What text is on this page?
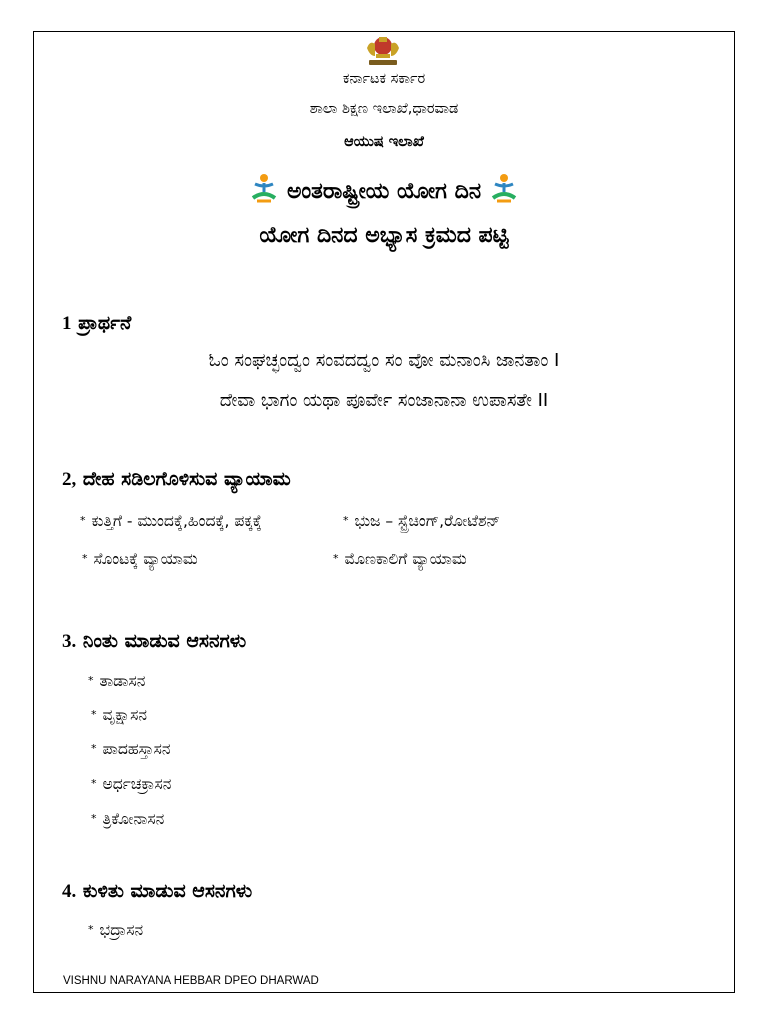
ಕರ್ನಾಟಕ ಸರ್ಕಾರ
ಶಾಲಾ ಶಿಕ್ಷಣ ಇಲಾಖೆ,ಧಾರವಾಡ
ಆಯುಷ ಇಲಾಖೆ
ಅಂತರಾಷ್ಟ್ರೀಯ ಯೋಗ ದಿನ
ಯೋಗ ದಿನದ ಅಭ್ಯಾಸ ಕ್ರಮದ ಪಟ್ಟಿ
1 ಪ್ರಾರ್ಥನೆ
ಓಂ ಸಂಘಚ್ಛಂದ್ವಂ ಸಂವದದ್ವಂ ಸಂ ವೋ ಮನಾಂಸಿ ಜಾನತಾಂ I
ದೇವಾ ಭಾಗಂ ಯಥಾ ಪೂರ್ವೇ ಸಂಜಾನಾನಾ ಉಪಾಸತೇ II
2, ದೇಹ ಸಡಿಲಗೊಳಿಸುವ ವ್ಯಾಯಾಮ
* ಕುತ್ತಿಗೆ - ಮುಂದಕ್ಕೆ,ಹಿಂದಕ್ಕೆ, ಪಕ್ಕಕ್ಕೆ	* ಭುಜ – ಸ್ಟ್ರೆಚಿಂಗ್,ರೋಟೆಶನ್
* ಸೊಂಟಕ್ಕೆ ವ್ಯಾಯಾಮ	* ಮೊಣಕಾಲಿಗೆ ವ್ಯಾಯಾಮ
3. ನಿಂತು ಮಾಡುವ ಆಸನಗಳು
* ತಾಡಾಸನ
* ವೃಕ್ಷಾಸನ
* ಪಾದಹಸ್ತಾಸನ
* ಅರ್ಧಚಕ್ರಾಸನ
* ತ್ರಿಕೋನಾಸನ
4. ಕುಳಿತು ಮಾಡುವ ಆಸನಗಳು
* ಭದ್ರಾಸನ
VISHNU NARAYANA HEBBAR DPEO DHARWAD
